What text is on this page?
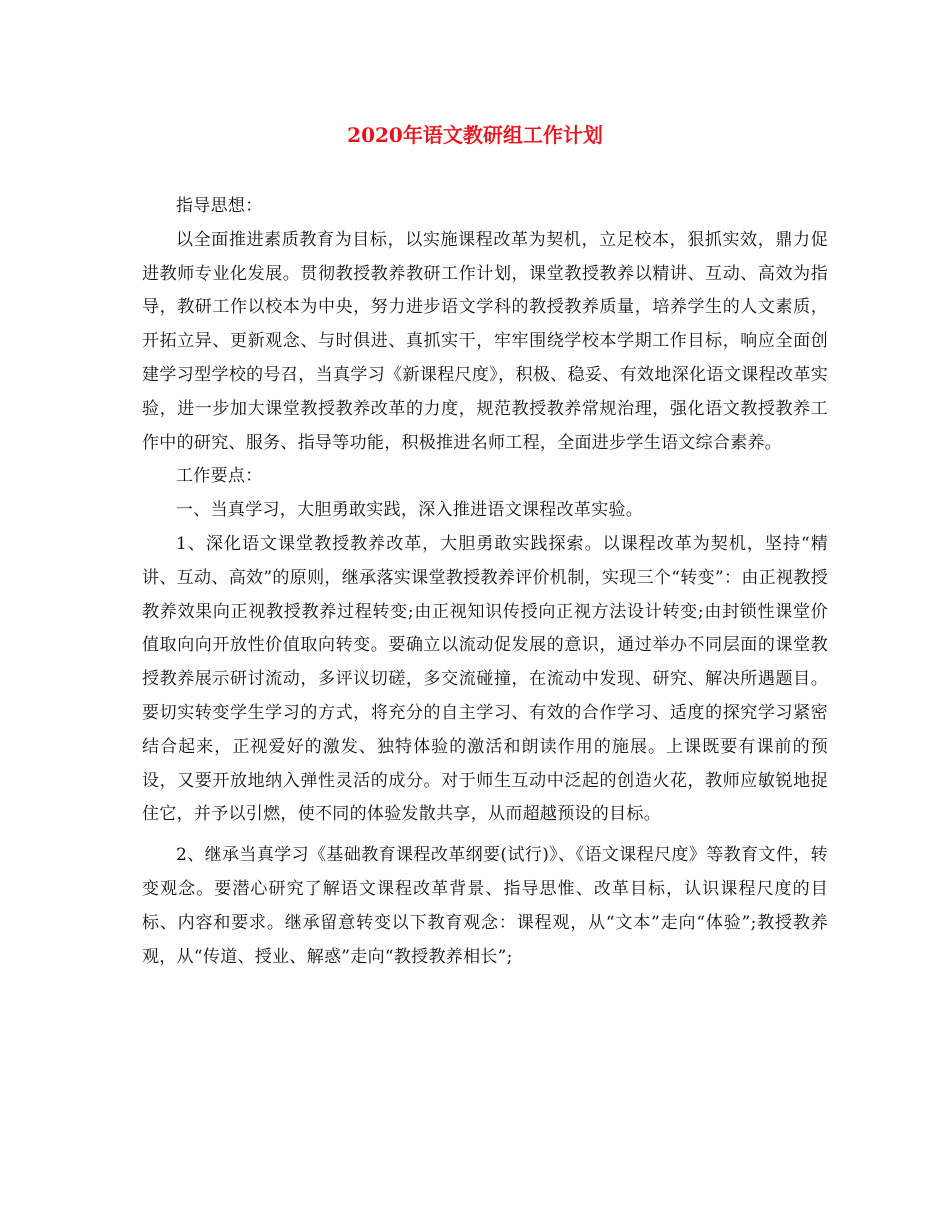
2020年语文教研组工作计划

指导思想：

以全面推进素质教育为目标，以实施课程改革为契机，立足校本，狠抓实效，鼎力促进教师专业化发展。贯彻教授教养教研工作计划，课堂教授教养以精讲、互动、高效为指导，教研工作以校本为中央，努力进步语文学科的教授教养质量，培养学生的人文素质，开拓立异、更新观念、与时俱进、真抓实干，牢牢围绕学校本学期工作目标，响应全面创建学习型学校的号召，当真学习《新课程尺度》，积极、稳妥、有效地深化语文课程改革实验，进一步加大课堂教授教养改革的力度，规范教授教养常规治理，强化语文教授教养工作中的研究、服务、指导等功能，积极推进名师工程，全面进步学生语文综合素养。

工作要点：

一、当真学习，大胆勇敢实践，深入推进语文课程改革实验。

1、深化语文课堂教授教养改革，大胆勇敢实践探索。以课程改革为契机，坚持“精讲、互动、高效”的原则，继承落实课堂教授教养评价机制，实现三个“转变”：由正视教授教养效果向正视教授教养过程转变;由正视知识传授向正视方法设计转变;由封锁性课堂价值取向向开放性价值取向转变。要确立以流动促发展的意识，通过举办不同层面的课堂教授教养展示研讨流动，多评议切磋，多交流碰撞，在流动中发现、研究、解决所遇题目。要切实转变学生学习的方式，将充分的自主学习、有效的合作学习、适度的探究学习紧密结合起来，正视爱好的激发、独特体验的激活和朗读作用的施展。上课既要有课前的预设，又要开放地纳入弹性灵活的成分。对于师生互动中泛起的创造火花，教师应敏锐地捉住它，并予以引燃，使不同的体验发散共享，从而超越预设的目标。

2、继承当真学习《基础教育课程改革纲要(试行)》、《语文课程尺度》等教育文件，转变观念。要潜心研究了解语文课程改革背景、指导思惟、改革目标，认识课程尺度的目标、内容和要求。继承留意转变以下教育观念：课程观，从“文本”走向“体验”;教授教养观，从“传道、授业、解惑”走向“教授教养相长”;
